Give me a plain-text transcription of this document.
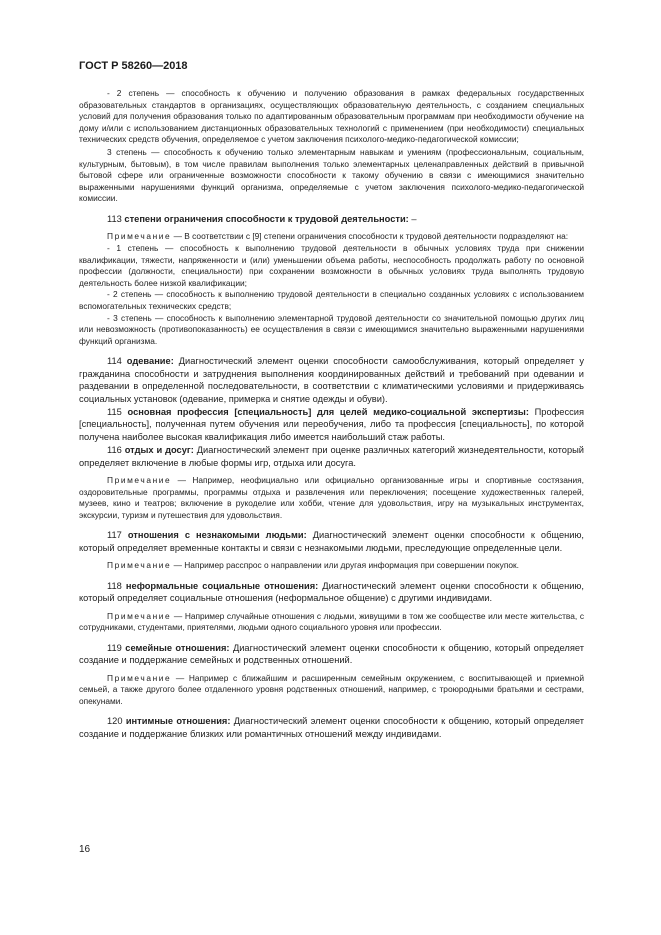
ГОСТ Р 58260—2018

- 2 степень — способность к обучению и получению образования в рамках федеральных государственных образовательных стандартов в организациях, осуществляющих образовательную деятельность, с созданием специальных условий для получения образования только по адаптированным образовательным программам при необходимости обучение на дому и/или с использованием дистанционных образовательных технологий с применением (при необходимости) специальных технических средств обучения, определяемое с учетом заключения психолого-медико-педагогической комиссии;

3 степень — способность к обучению только элементарным навыкам и умениям (профессиональным, социальным, культурным, бытовым), в том числе правилам выполнения только элементарных целенаправленных действий в привычной бытовой сфере или ограниченные возможности способности к такому обучению в связи с имеющимися значительно выраженными нарушениями функций организма, определяемые с учетом заключения психолого-медико-педагогической комиссии.

113 степени ограничения способности к трудовой деятельности: –

Примечание — В соответствии с [9] степени ограничения способности к трудовой деятельности подразделяют на:

- 1 степень — способность к выполнению трудовой деятельности в обычных условиях труда при снижении квалификации, тяжести, напряженности и (или) уменьшении объема работы, неспособность продолжать работу по основной профессии (должности, специальности) при сохранении возможности в обычных условиях труда выполнять трудовую деятельность более низкой квалификации;

- 2 степень — способность к выполнению трудовой деятельности в специально созданных условиях с использованием вспомогательных технических средств;

- 3 степень — способность к выполнению элементарной трудовой деятельности со значительной помощью других лиц или невозможность (противопоказанность) ее осуществления в связи с имеющимися значительно выраженными нарушениями функций организма.

114 одевание: Диагностический элемент оценки способности самообслуживания, который определяет у гражданина способности и затруднения выполнения координированных действий и требований при одевании и раздевании в определенной последовательности, в соответствии с климатическими условиями и придерживаясь социальных установок (одевание, примерка и снятие одежды и обуви).

115 основная профессия [специальность] для целей медико-социальной экспертизы: Профессия [специальность], полученная путем обучения или переобучения, либо та профессия [специальность], по которой получена наиболее высокая квалификация либо имеется наибольший стаж работы.

116 отдых и досуг: Диагностический элемент при оценке различных категорий жизнедеятельности, который определяет включение в любые формы игр, отдыха или досуга.

Примечание — Например, неофициально или официально организованные игры и спортивные состязания, оздоровительные программы, программы отдыха и развлечения или переключения; посещение художественных галерей, музеев, кино и театров; включение в рукоделие или хобби, чтение для удовольствия, игру на музыкальных инструментах, экскурсии, туризм и путешествия для удовольствия.

117 отношения с незнакомыми людьми: Диагностический элемент оценки способности к общению, который определяет временные контакты и связи с незнакомыми людьми, преследующие определенные цели.

Примечание — Например расспрос о направлении или другая информация при совершении покупок.

118 неформальные социальные отношения: Диагностический элемент оценки способности к общению, который определяет социальные отношения (неформальное общение) с другими индивидами.

Примечание — Например случайные отношения с людьми, живущими в том же сообществе или месте жительства, с сотрудниками, студентами, приятелями, людьми одного социального уровня или профессии.

119 семейные отношения: Диагностический элемент оценки способности к общению, который определяет создание и поддержание семейных и родственных отношений.

Примечание — Например с ближайшим и расширенным семейным окружением, с воспитывающей и приемной семьей, а также другого более отдаленного уровня родственных отношений, например, с троюродными братьями и сестрами, опекунами.

120 интимные отношения: Диагностический элемент оценки способности к общению, который определяет создание и поддержание близких или романтичных отношений между индивидами.

16
